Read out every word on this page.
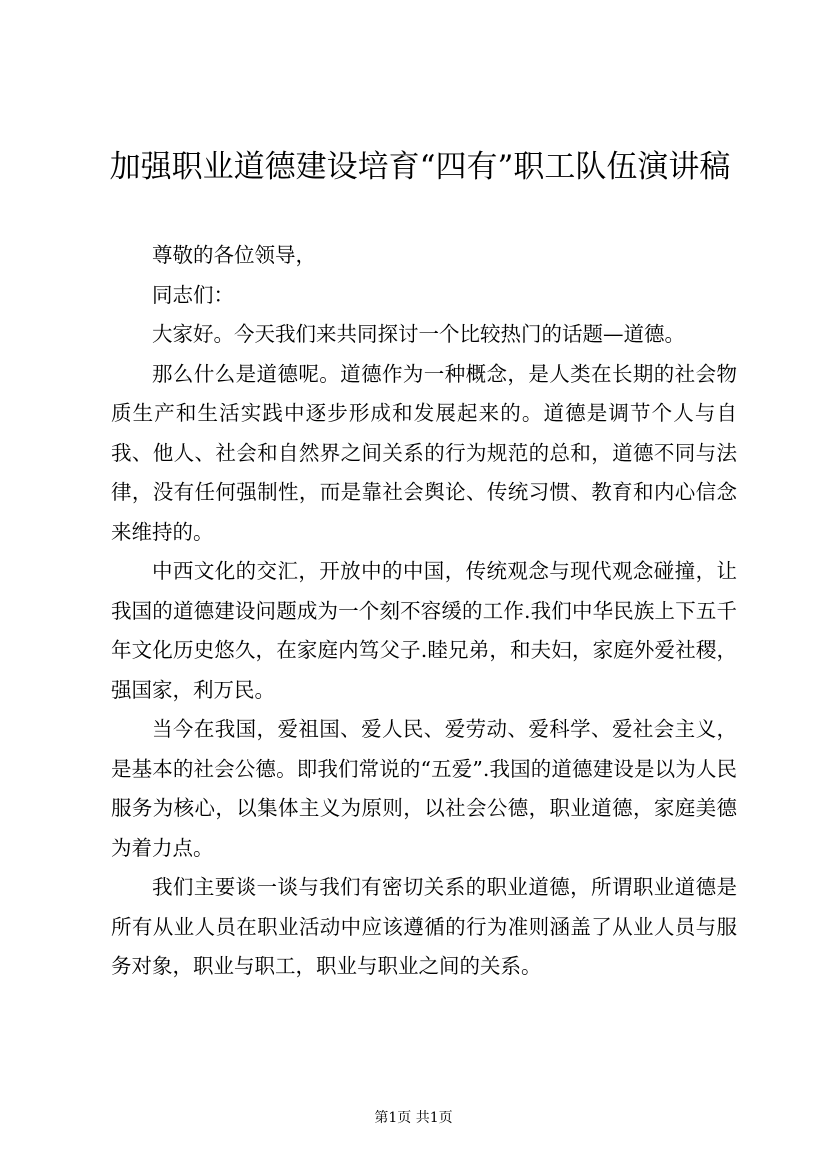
加强职业道德建设培育“四有”职工队伍演讲稿

尊敬的各位领导，

同志们：

大家好。今天我们来共同探讨一个比较热门的话题—道德。

那么什么是道德呢。道德作为一种概念，是人类在长期的社会物质生产和生活实践中逐步形成和发展起来的。道德是调节个人与自我、他人、社会和自然界之间关系的行为规范的总和，道德不同与法律，没有任何强制性，而是靠社会舆论、传统习惯、教育和内心信念来维持的。

中西文化的交汇，开放中的中国，传统观念与现代观念碰撞，让我国的道德建设问题成为一个刻不容缓的工作.我们中华民族上下五千年文化历史悠久，在家庭内笃父子.睦兄弟，和夫妇，家庭外爱社稷，强国家，利万民。

当今在我国，爱祖国、爱人民、爱劳动、爱科学、爱社会主义，是基本的社会公德。即我们常说的“五爱”.我国的道德建设是以为人民服务为核心，以集体主义为原则，以社会公德，职业道德，家庭美德为着力点。

我们主要谈一谈与我们有密切关系的职业道德，所谓职业道德是所有从业人员在职业活动中应该遵循的行为准则涵盖了从业人员与服务对象，职业与职工，职业与职业之间的关系。

第1页 共1页
